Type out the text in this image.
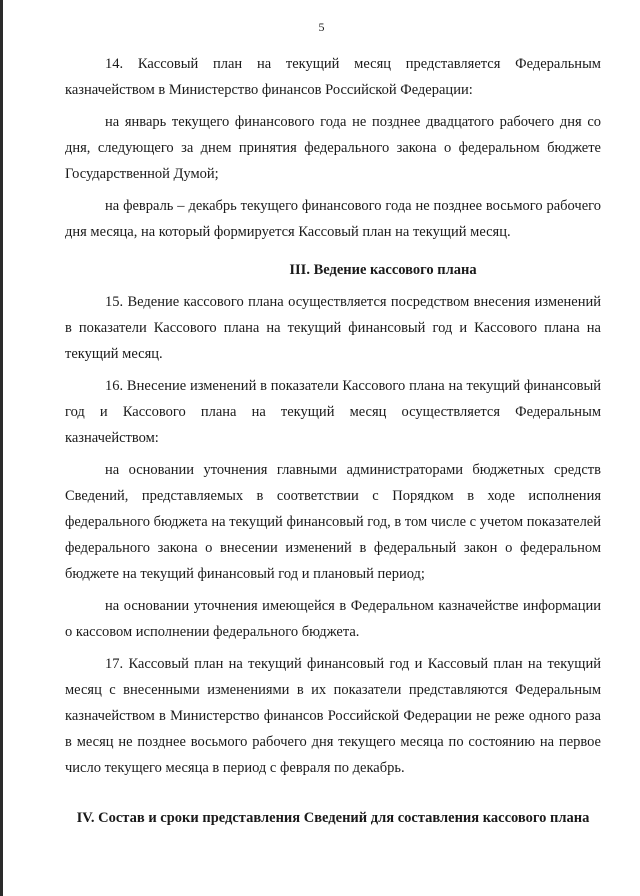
5

14. Кассовый план на текущий месяц представляется Федеральным казначейством в Министерство финансов Российской Федерации:

на январь текущего финансового года не позднее двадцатого рабочего дня со дня, следующего за днем принятия федерального закона о федеральном бюджете Государственной Думой;

на февраль – декабрь текущего финансового года не позднее восьмого рабочего дня месяца, на который формируется Кассовый план на текущий месяц.

III. Ведение кассового плана

15. Ведение кассового плана осуществляется посредством внесения изменений в показатели Кассового плана на текущий финансовый год и Кассового плана на текущий месяц.

16. Внесение изменений в показатели Кассового плана на текущий финансовый год и Кассового плана на текущий месяц осуществляется Федеральным казначейством:

на основании уточнения главными администраторами бюджетных средств Сведений, представляемых в соответствии с Порядком в ходе исполнения федерального бюджета на текущий финансовый год, в том числе с учетом показателей федерального закона о внесении изменений в федеральный закон о федеральном бюджете на текущий финансовый год и плановый период;

на основании уточнения имеющейся в Федеральном казначействе информации о кассовом исполнении федерального бюджета.

17. Кассовый план на текущий финансовый год и Кассовый план на текущий месяц с внесенными изменениями в их показатели представляются Федеральным казначейством в Министерство финансов Российской Федерации не реже одного раза в месяц не позднее восьмого рабочего дня текущего месяца по состоянию на первое число текущего месяца в период с февраля по декабрь.

IV. Состав и сроки представления Сведений для составления кассового плана
